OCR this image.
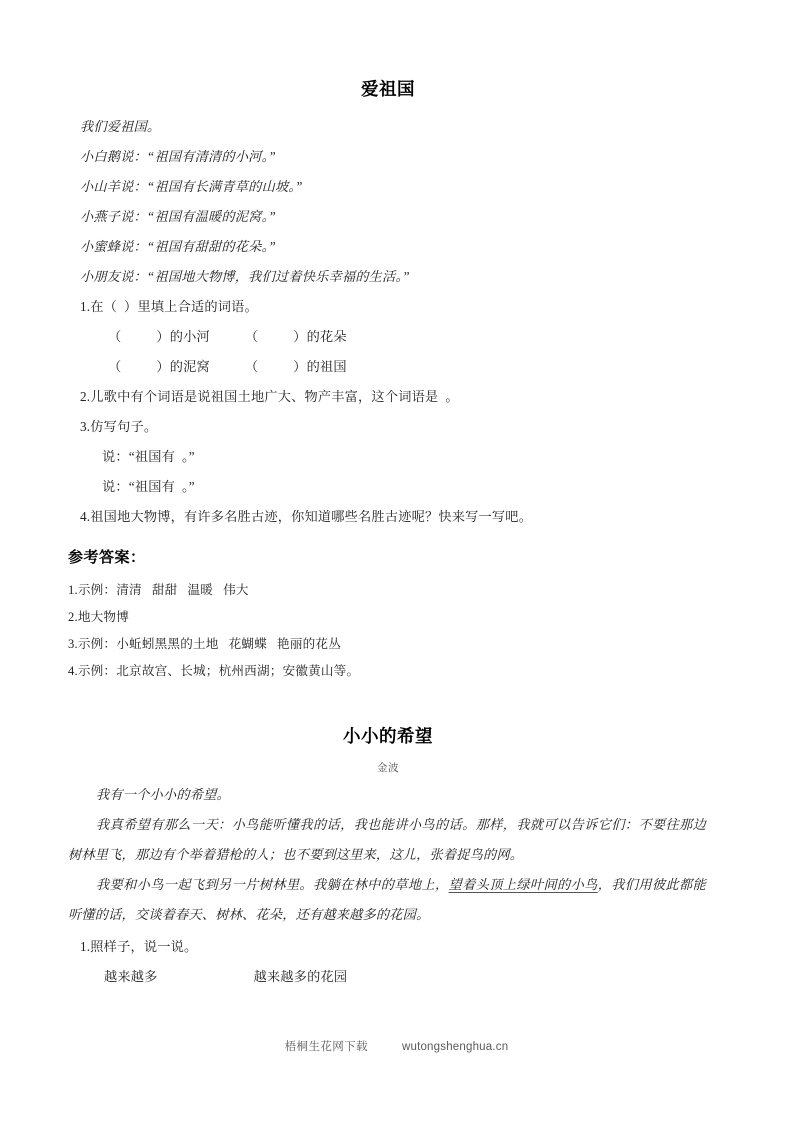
爱祖国
我们爱祖国。
小白鹅说：“祖国有清清的小河。”
小山羊说：“祖国有长满青草的山坡。”
小燕子说：“祖国有温暖的泥窝。”
小蜜蜂说：“祖国有甜甜的花朵。”
小朋友说：“祖国地大物博，我们过着快乐幸福的生活。”
1.在（  ）里填上合适的词语。
（          ）的小河          （          ）的花朵
（          ）的泥窝          （          ）的祖国
2.儿歌中有个词语是说祖国土地广大、物产丰富，这个词语是  。
3.仿写句子。
说：“祖国有  。”
说：“祖国有  。”
4.祖国地大物博，有许多名胜古迹，你知道哪些名胜古迹呢？快来写一写吧。
参考答案：
1.示例：清清   甜甜   温暖   伟大
2.地大物博
3.示例：小蚯蚓黑黑的土地   花蝴蝶   艳丽的花丛
4.示例：北京故宫、长城；杭州西湖；安徽黄山等。
小小的希望
金波

我有一个小小的希望。

我真希望有那么一天：小鸟能听懂我的话，我也能讲小鸟的话。那样，我就可以告诉它们：不要往那边树林里飞，那边有个举着猎枪的人；也不要到这里来，这儿，张着捉鸟的网。

我要和小鸟一起飞到另一片树林里。我躺在林中的草地上，望着头顶上绿叶间的小鸟，我们用彼此都能听懂的话，交谈着春天、树林、花朵，还有越来越多的花园。

1.照样子，说一说。
越来越多	越来越多的花园
梧桐生花网下载	wutongshenghua.cn
